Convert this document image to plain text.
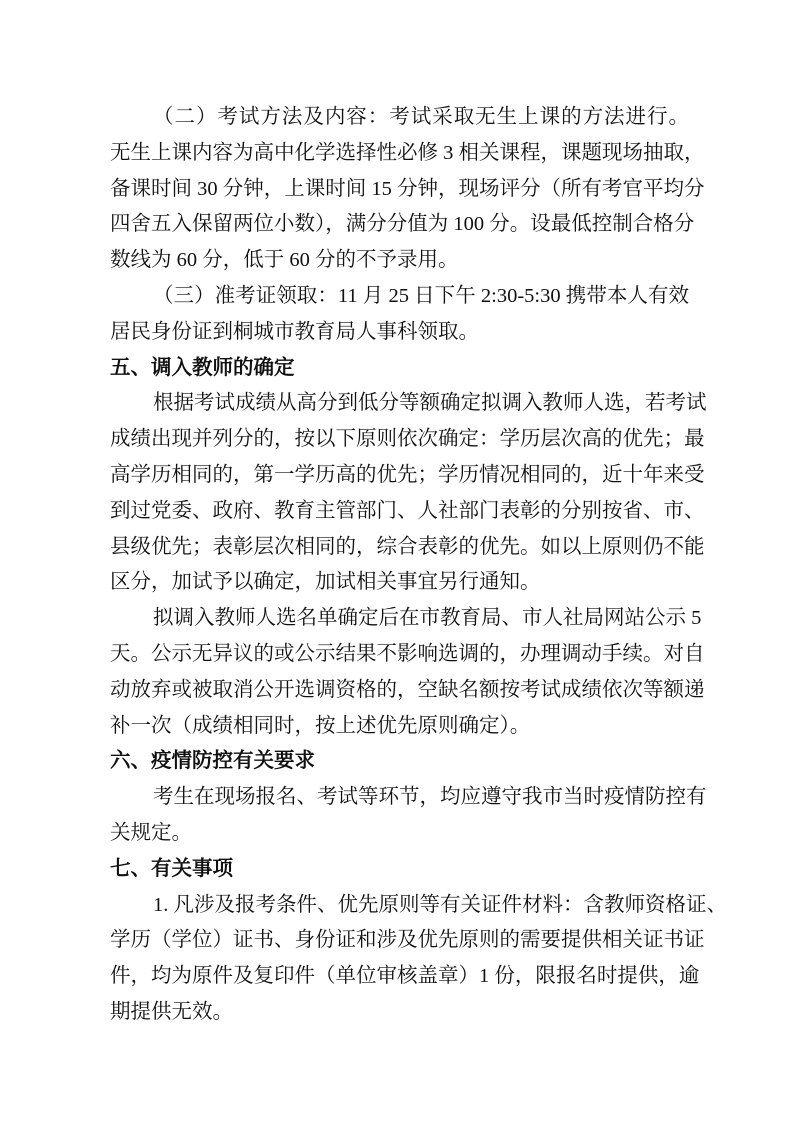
（二）考试方法及内容：考试采取无生上课的方法进行。
无生上课内容为高中化学选择性必修 3 相关课程，课题现场抽取，
备课时间 30 分钟，上课时间 15 分钟，现场评分（所有考官平均分
四舍五入保留两位小数），满分分值为 100 分。设最低控制合格分
数线为 60 分，低于 60 分的不予录用。
（三）准考证领取：11 月 25 日下午 2:30-5:30 携带本人有效
居民身份证到桐城市教育局人事科领取。
五、调入教师的确定
根据考试成绩从高分到低分等额确定拟调入教师人选，若考试
成绩出现并列分的，按以下原则依次确定：学历层次高的优先；最
高学历相同的，第一学历高的优先；学历情况相同的，近十年来受
到过党委、政府、教育主管部门、人社部门表彰的分别按省、市、
县级优先；表彰层次相同的，综合表彰的优先。如以上原则仍不能
区分，加试予以确定，加试相关事宜另行通知。
拟调入教师人选名单确定后在市教育局、市人社局网站公示 5
天。公示无异议的或公示结果不影响选调的，办理调动手续。对自
动放弃或被取消公开选调资格的，空缺名额按考试成绩依次等额递
补一次（成绩相同时，按上述优先原则确定）。
六、疫情防控有关要求
考生在现场报名、考试等环节，均应遵守我市当时疫情防控有
关规定。
七、有关事项
1. 凡涉及报考条件、优先原则等有关证件材料：含教师资格证、
学历（学位）证书、身份证和涉及优先原则的需要提供相关证书证
件，均为原件及复印件（单位审核盖章）1 份，限报名时提供，逾
期提供无效。
